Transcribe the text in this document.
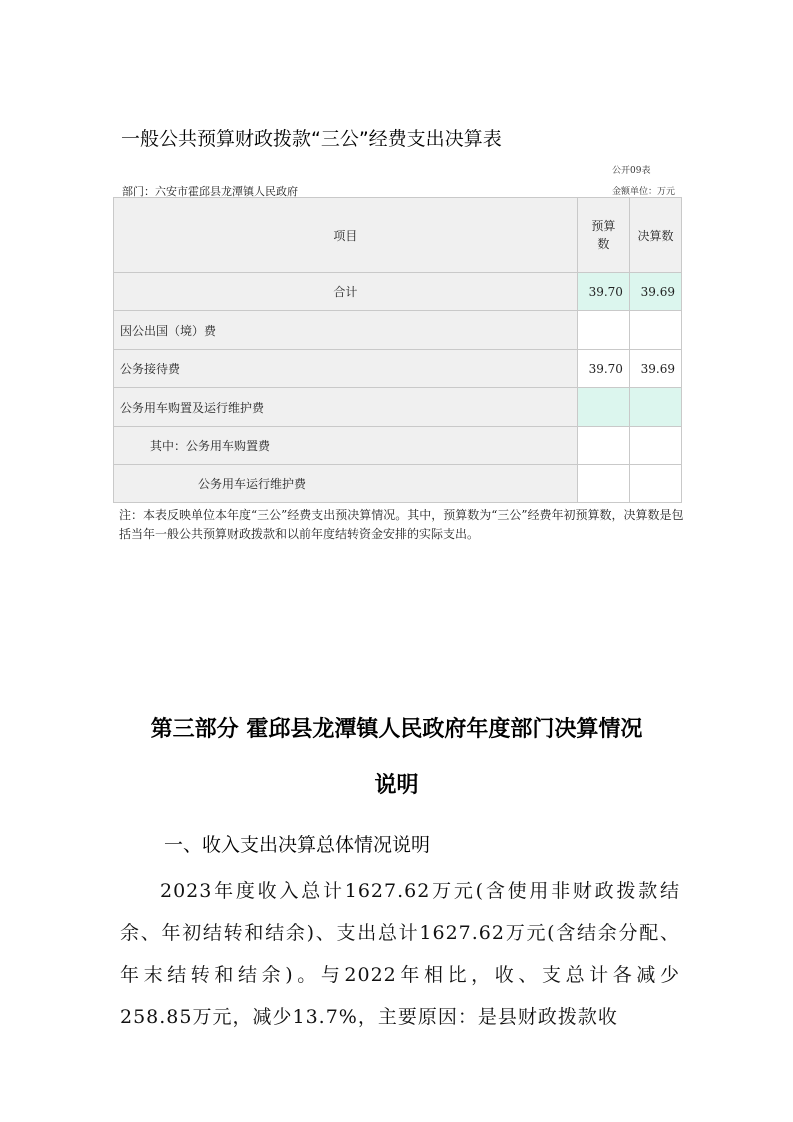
一般公共预算财政拨款“三公”经费支出决算表
公开09表
部门：六安市霍邱县龙潭镇人民政府	金额单位：万元
项目	预算数	决算数
合计	39.70	39.69
因公出国（境）费		
公务接待费	39.70	39.69
公务用车购置及运行维护费		
其中：公务用车购置费		
公务用车运行维护费		
注：本表反映单位本年度“三公”经费支出预决算情况。其中，预算数为“三公”经费年初预算数，决算数是包括当年一般公共预算财政拨款和以前年度结转资金安排的实际支出。
第三部分 霍邱县龙潭镇人民政府年度部门决算情况
说明
一、收入支出决算总体情况说明
2023年度收入总计1627.62万元(含使用非财政拨款结余、年初结转和结余)、支出总计1627.62万元(含结余分配、年末结转和结余)。与2022年相比，收、支总计各减少 258.85万元，减少13.7%，主要原因：是县财政拨款收
